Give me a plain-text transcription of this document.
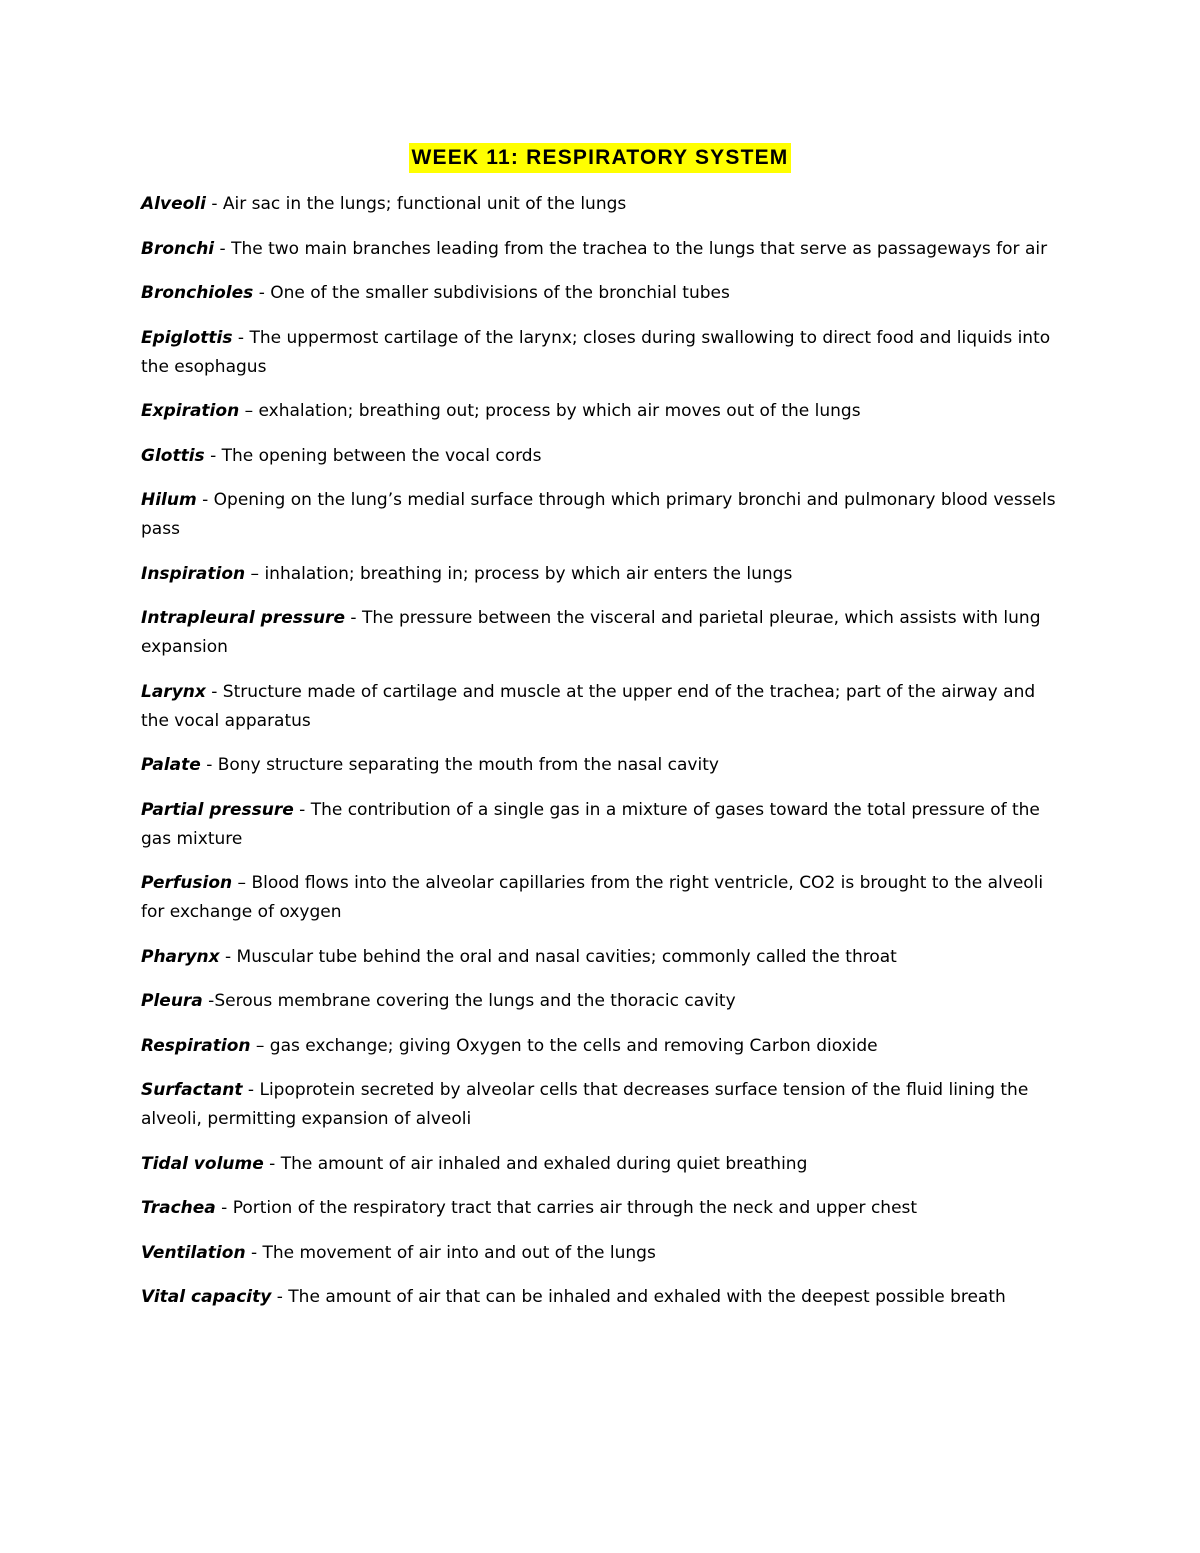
WEEK 11: RESPIRATORY SYSTEM
Alveoli - Air sac in the lungs; functional unit of the lungs
Bronchi - The two main branches leading from the trachea to the lungs that serve as passageways for air
Bronchioles - One of the smaller subdivisions of the bronchial tubes
Epiglottis - The uppermost cartilage of the larynx; closes during swallowing to direct food and liquids into the esophagus
Expiration – exhalation; breathing out; process by which air moves out of the lungs
Glottis - The opening between the vocal cords
Hilum - Opening on the lung’s medial surface through which primary bronchi and pulmonary blood vessels pass
Inspiration – inhalation; breathing in; process by which air enters the lungs
Intrapleural pressure - The pressure between the visceral and parietal pleurae, which assists with lung expansion
Larynx - Structure made of cartilage and muscle at the upper end of the trachea; part of the airway and the vocal apparatus
Palate - Bony structure separating the mouth from the nasal cavity
Partial pressure - The contribution of a single gas in a mixture of gases toward the total pressure of the gas mixture
Perfusion – Blood flows into the alveolar capillaries from the right ventricle, CO2 is brought to the alveoli for exchange of oxygen
Pharynx - Muscular tube behind the oral and nasal cavities; commonly called the throat
Pleura -Serous membrane covering the lungs and the thoracic cavity
Respiration – gas exchange; giving Oxygen to the cells and removing Carbon dioxide
Surfactant - Lipoprotein secreted by alveolar cells that decreases surface tension of the fluid lining the alveoli, permitting expansion of alveoli
Tidal volume - The amount of air inhaled and exhaled during quiet breathing
Trachea - Portion of the respiratory tract that carries air through the neck and upper chest
Ventilation - The movement of air into and out of the lungs
Vital capacity - The amount of air that can be inhaled and exhaled with the deepest possible breath
